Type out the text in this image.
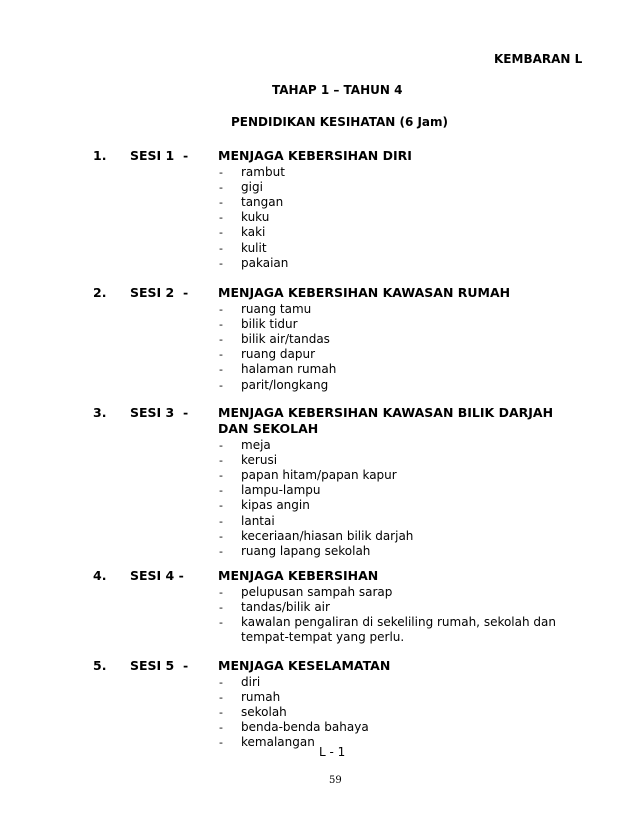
KEMBARAN L
TAHAP 1 – TAHUN 4
PENDIDIKAN KESIHATAN (6 Jam)
1. SESI 1  - MENJAGA KEBERSIHAN DIRI
- rambut
- gigi
- tangan
- kuku
- kaki
- kulit
- pakaian
2. SESI 2  - MENJAGA KEBERSIHAN KAWASAN RUMAH
- ruang tamu
- bilik tidur
- bilik air/tandas
- ruang dapur
- halaman rumah
- parit/longkang
3. SESI 3  - MENJAGA KEBERSIHAN KAWASAN BILIK DARJAH
DAN SEKOLAH
- meja
- kerusi
- papan hitam/papan kapur
- lampu-lampu
- kipas angin
- lantai
- keceriaan/hiasan bilik darjah
- ruang lapang sekolah
4. SESI 4 -	MENJAGA KEBERSIHAN
- pelupusan sampah sarap
- tandas/bilik air
- kawalan pengaliran di sekeliling rumah, sekolah dan
tempat-tempat yang perlu.
5. SESI 5  - MENJAGA KESELAMATAN
- diri
- rumah
- sekolah
- benda-benda bahaya
- kemalangan
L - 1
59
